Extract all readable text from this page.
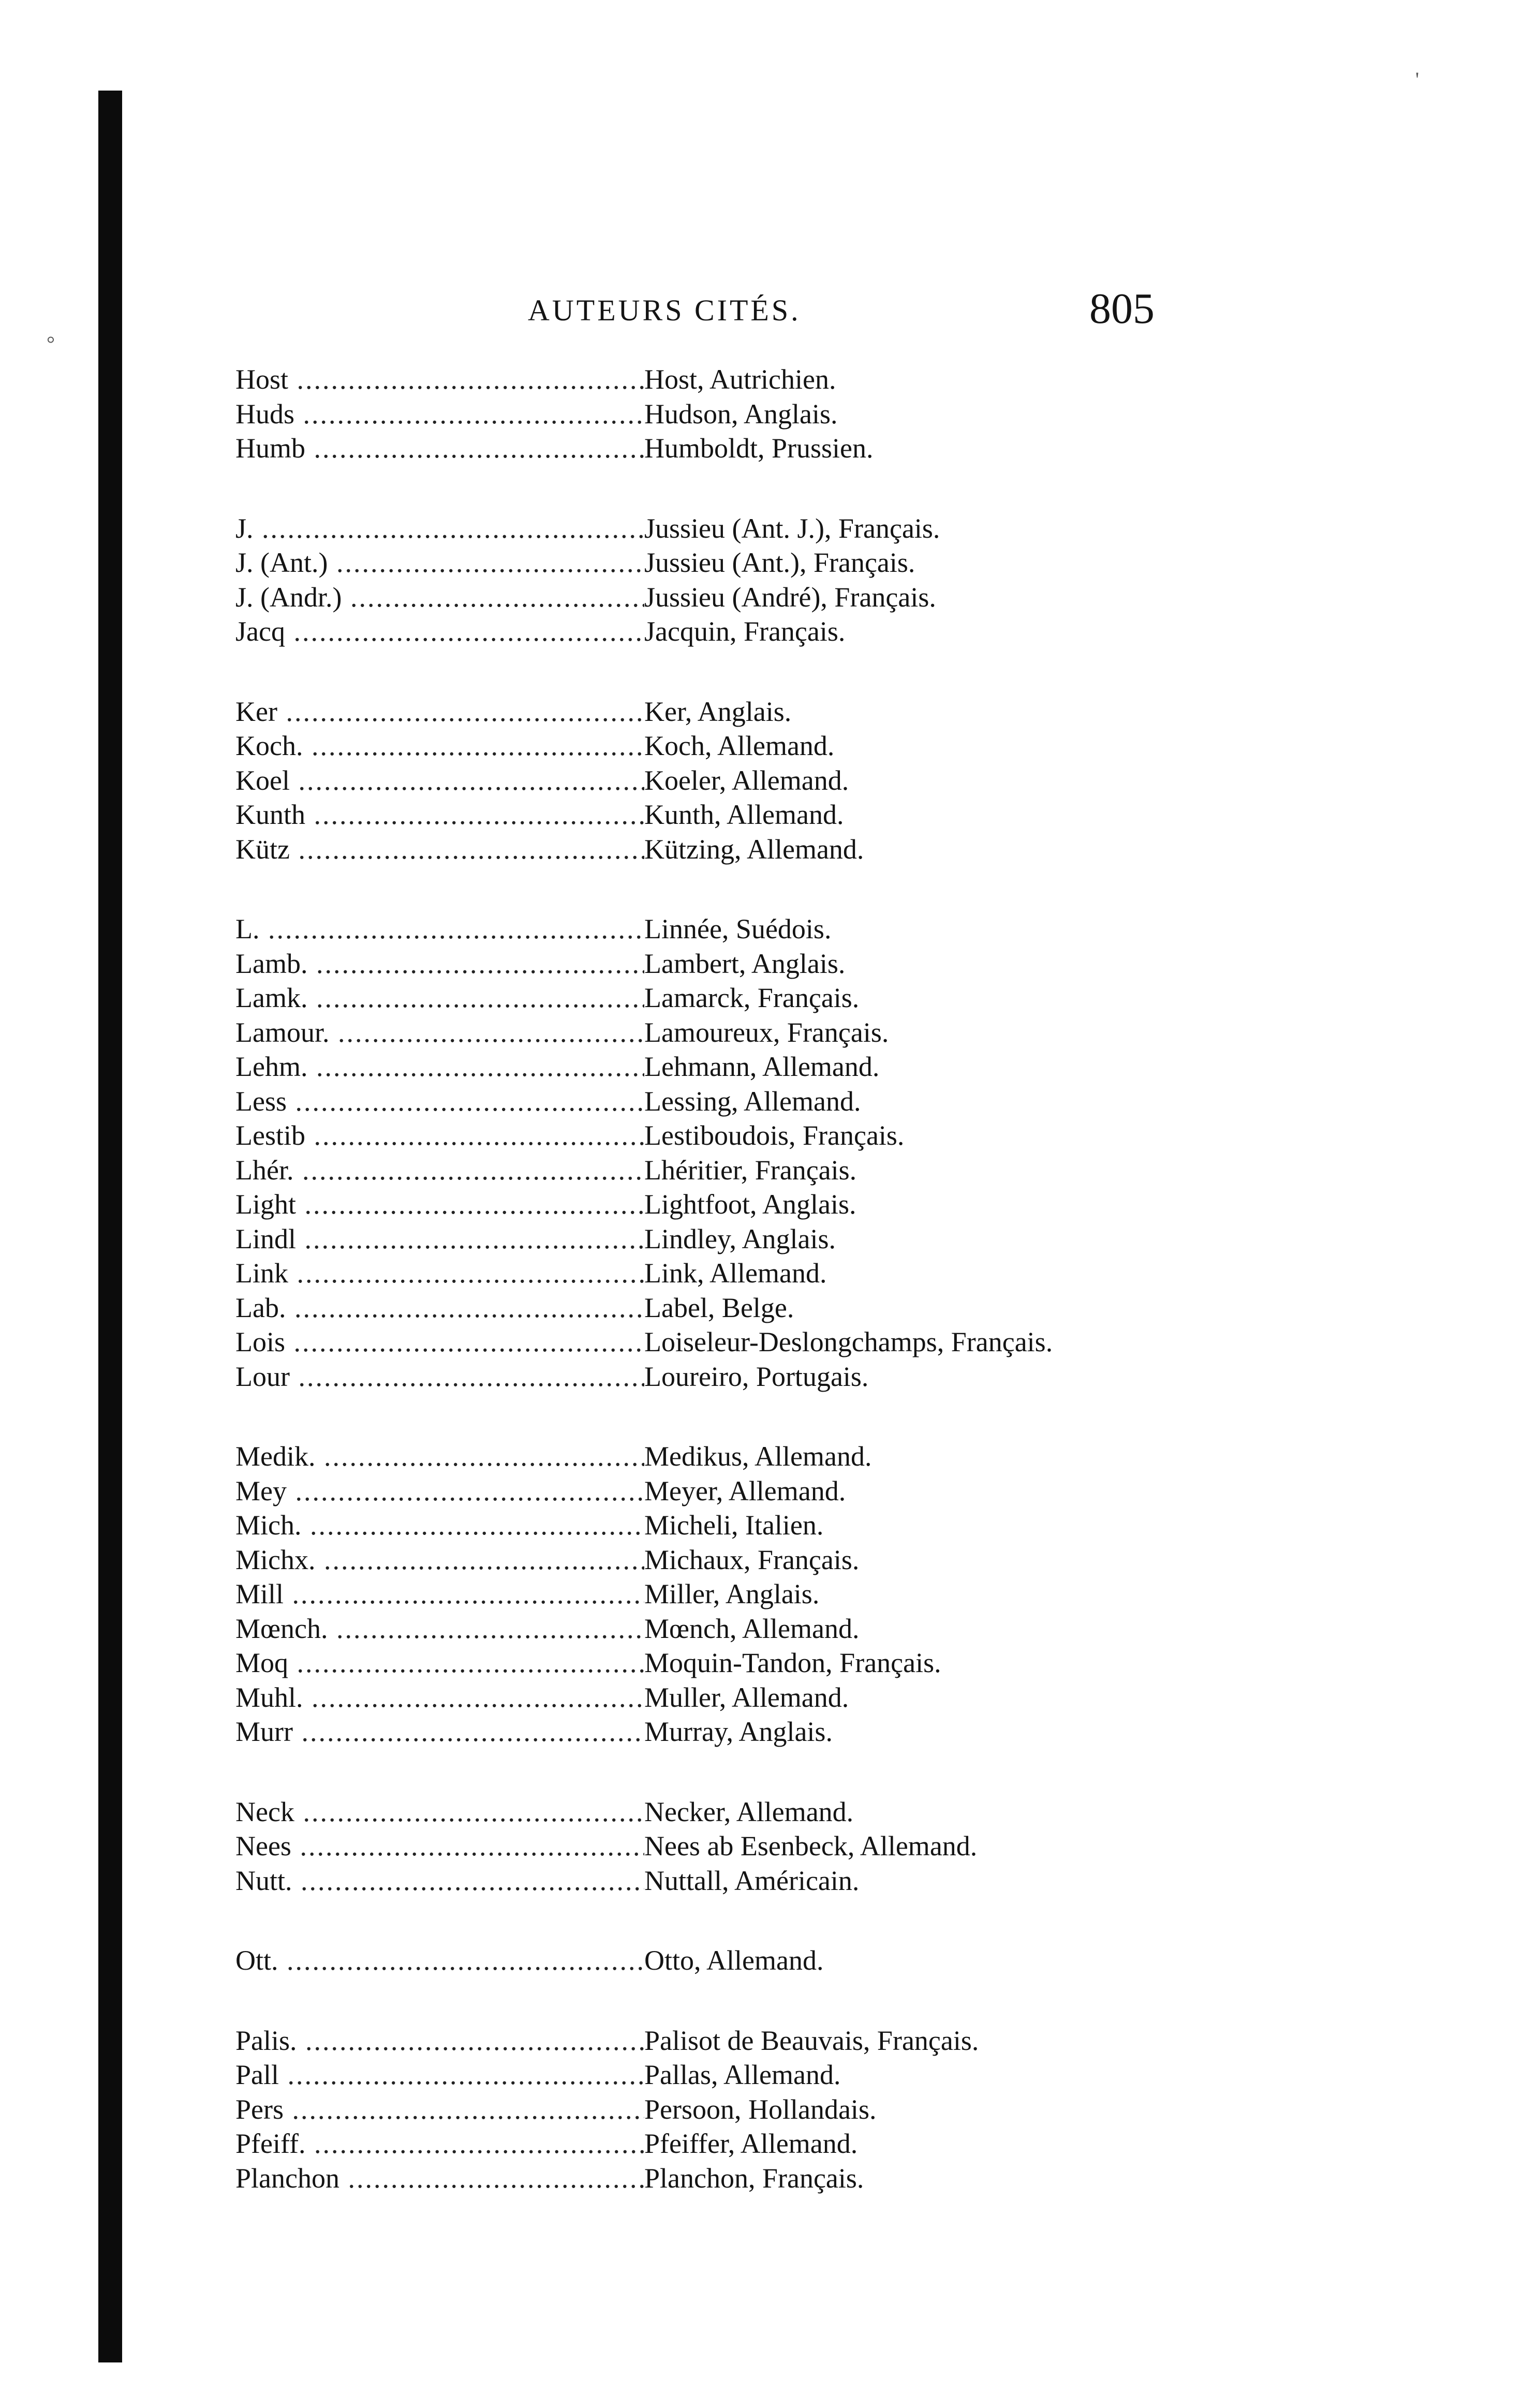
'
°
AUTEURS CITÉS.	805
Host .....	Host, Autrichien.
Huds .....	Hudson, Anglais.
Humb .....	Humboldt, Prussien.
J. .....	Jussieu (Ant. J.), Français.
J. (Ant.) .....	Jussieu (Ant.), Français.
J. (Andr.) .....	Jussieu (André), Français.
Jacq .....	Jacquin, Français.
Ker .....	Ker, Anglais.
Koch. .....	Koch, Allemand.
Koel .....	Koeler, Allemand.
Kunth .....	Kunth, Allemand.
Kütz .....	Kützing, Allemand.
L. .....	Linnée, Suédois.
Lamb. .....	Lambert, Anglais.
Lamk. .....	Lamarck, Français.
Lamour. .....	Lamoureux, Français.
Lehm. .....	Lehmann, Allemand.
Less .....	Lessing, Allemand.
Lestib .....	Lestiboudois, Français.
Lhér. .....	Lhéritier, Français.
Light .....	Lightfoot, Anglais.
Lindl .....	Lindley, Anglais.
Link .....	Link, Allemand.
Lab. .....	Label, Belge.
Lois .....	Loiseleur-Deslongchamps, Français.
Lour .....	Loureiro, Portugais.
Medik. .....	Medikus, Allemand.
Mey .....	Meyer, Allemand.
Mich. .....	Micheli, Italien.
Michx. .....	Michaux, Français.
Mill .....	Miller, Anglais.
Mœnch. .....	Mœnch, Allemand.
Moq .....	Moquin-Tandon, Français.
Muhl. .....	Muller, Allemand.
Murr .....	Murray, Anglais.
Neck .....	Necker, Allemand.
Nees .....	Nees ab Esenbeck, Allemand.
Nutt. .....	Nuttall, Américain.
Ott. .....	Otto, Allemand.
Palis. .....	Palisot de Beauvais, Français.
Pall .....	Pallas, Allemand.
Pers .....	Persoon, Hollandais.
Pfeiff. .....	Pfeiffer, Allemand.
Planchon .....	Planchon, Français.
